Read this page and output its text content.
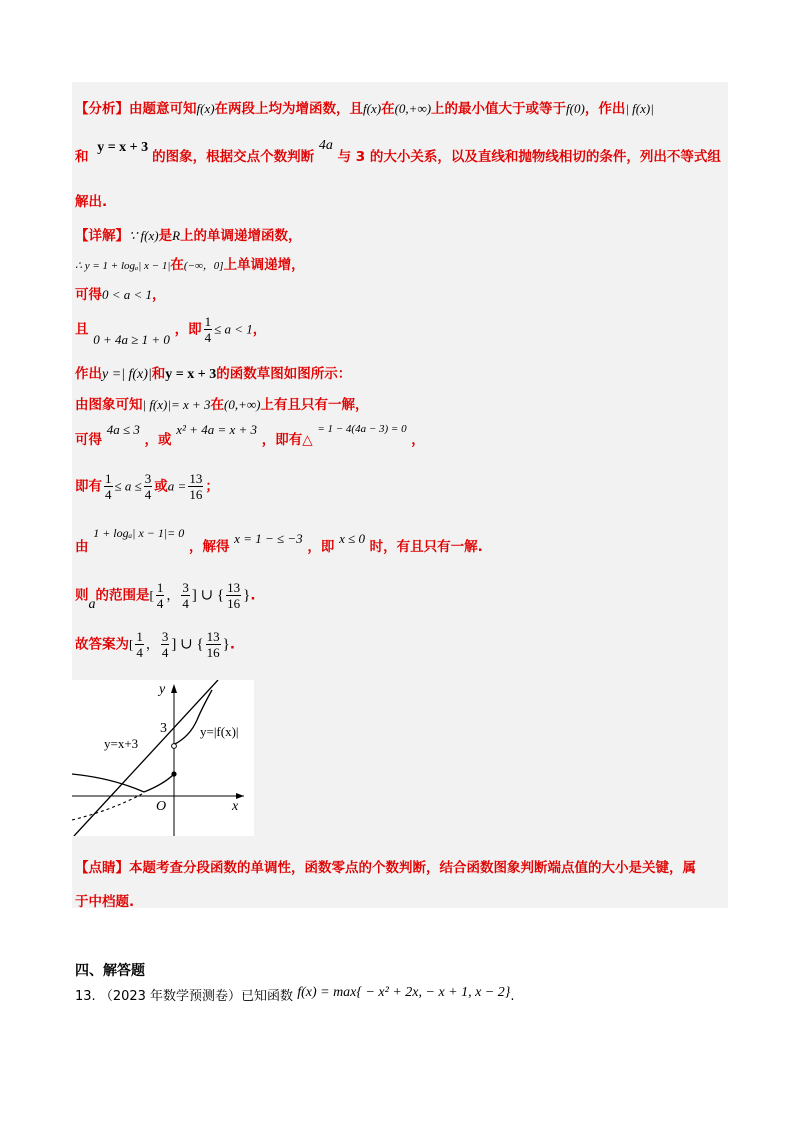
【分析】由题意可知f(x)在两段上均为增函数，且f(x)在(0,+∞)上的最小值大于或等于f(0)，作出| f(x)|
和 y = x + 3的图象，根据交点个数判断 4a 与 3 的大小关系，以及直线和抛物线相切的条件，列出不等式组
解出.
【详解】∵ f(x)是R上的单调递增函数，
∴ y = 1 + logₐ| x − 1|在(−∞，0]上单调递增，
可得0 < a < 1，
且 0 + 4a ≥ 1 + 0 ，即 $\frac{1}{4} \le a < 1$，
作出y =| f(x)|和y = x + 3的函数草图如图所示：
由图象可知| f(x)|= x + 3在(0,+∞)上有且只有一解，
可得 4a ≤ 3 ，或 x² + 4a = x + 3 ，即有△ $^{= 1 - 4(4a - 3) = 0}$ ，
即有 $\frac{1}{4} \le a \le \frac{3}{4}$ 或$a = \frac{13}{16}$ ；
由 1 + logₐ| x − 1|= 0 ，解得 x = 1 − ≤ −3 ，即 x ≤ 0 时，有且只有一解.
则a的范围是[ $\frac{1}{4}$ ， $\frac{3}{4}$ ] ∪ { $\frac{13}{16}$ }.
故答案为[ $\frac{1}{4}$ ， $\frac{3}{4}$ ] ∪ { $\frac{13}{16}$ }.
y
x
O
3
y=x+3
y=|f(x)|
【点睛】本题考查分段函数的单调性，函数零点的个数判断，结合函数图象判断端点值的大小是关键，属
于中档题.
四、解答题
13. （2023 年数学预测卷）已知函数 f(x) = max{ − x² + 2x, − x + 1, x − 2}.
